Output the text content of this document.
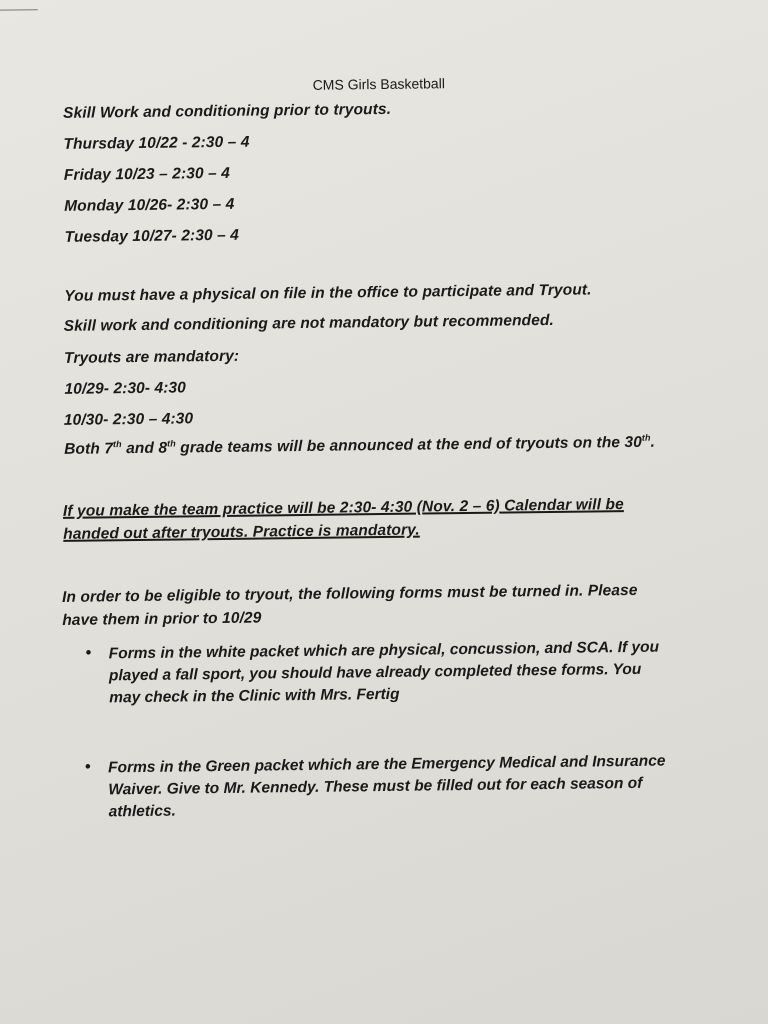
CMS Girls Basketball
Skill Work and conditioning prior to tryouts.
Thursday 10/22 - 2:30 – 4
Friday 10/23 – 2:30 – 4
Monday 10/26- 2:30 – 4
Tuesday 10/27- 2:30 – 4
You must have a physical on file in the office to participate and Tryout.
Skill work and conditioning are not mandatory but recommended.
Tryouts are mandatory:
10/29- 2:30- 4:30
10/30- 2:30 – 4:30
Both 7th and 8th grade teams will be announced at the end of tryouts on the 30th.
If you make the team practice will be 2:30- 4:30 (Nov. 2 – 6) Calendar will be
handed out after tryouts. Practice is mandatory.
In order to be eligible to tryout, the following forms must be turned in. Please
have them in prior to 10/29
• Forms in the white packet which are physical, concussion, and SCA. If you
played a fall sport, you should have already completed these forms. You
may check in the Clinic with Mrs. Fertig
• Forms in the Green packet which are the Emergency Medical and Insurance
Waiver. Give to Mr. Kennedy. These must be filled out for each season of
athletics.
